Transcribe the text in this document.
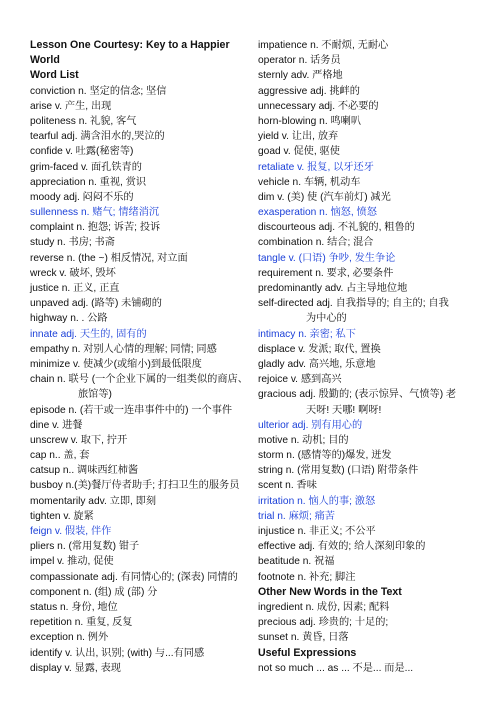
Lesson One Courtesy: Key to a Happier
World
Word List
conviction n. 坚定的信念; 坚信
arise v. 产生, 出现
politeness n. 礼貌, 客气
tearful adj. 满含泪水的,哭泣的
confide v. 吐露(秘密等)
grim-faced v. 面孔铁青的
appreciation n. 重视, 赏识
moody adj. 闷闷不乐的
sullenness n. 赌气; 情绪消沉
complaint n. 抱怨; 诉苦; 投诉
study n. 书房; 书斋
reverse n. (the ~) 相反情况, 对立面
wreck v. 破坏, 毁坏
justice n. 正义, 正直
unpaved adj. (路等) 未铺砌的
highway n. . 公路
innate adj. 天生的, 固有的
empathy n. 对别人心情的理解; 同情; 同感
minimize v. 使减少(或缩小)到最低限度
chain n. 联号 (一个企业下属的一组类似的商店、
旅馆等)
episode n. (若干或一连串事件中的) 一个事件
dine v. 进餐
unscrew v. 取下, 拧开
cap n.. 盖, 套
catsup n.. 调味西红柿酱
busboy n.(美)餐厅侍者助手; 打扫卫生的服务员
momentarily adv. 立即, 即刻
tighten v. 旋紧
feign v. 假装, 伴作
pliers n. (常用复数) 钳子
impel v. 推动, 促使
compassionate adj. 有同情心的; (深表) 同情的
component n. (组) 成 (部) 分
status n. 身份, 地位
repetition n. 重复, 反复
exception n. 例外
identify v. 认出, 识别; (with) 与...有同感
display v. 显露, 表现
impatience n. 不耐烦, 无耐心
operator n. 话务员
sternly adv. 严格地
aggressive adj. 挑衅的
unnecessary adj. 不必要的
horn-blowing n. 鸣喇叭
yield v. 让出, 放弃
goad v. 促使, 驱使
retaliate v. 报复, 以牙还牙
vehicle n. 车辆, 机动车
dim v. (美) 使 (汽车前灯) 减光
exasperation n. 恼怒, 愤怒
discourteous adj. 不礼貌的, 粗鲁的
combination n. 结合; 混合
tangle v. (口语) 争吵, 发生争论
requirement n. 要求, 必要条件
predominantly adv. 占主导地位地
self-directed adj. 自我指导的; 自主的; 自我
为中心的
intimacy n. 亲密; 私下
displace v. 发派; 取代, 置换
gladly adv. 高兴地, 乐意地
rejoice v. 感到高兴
gracious adj. 殷勤的; (表示惊异、气愤等) 老
天呀! 天哪! 啊呀!
ulterior adj. 别有用心的
motive n. 动机; 目的
storm n. (感情等的)爆发, 迸发
string n. (常用复数) (口语) 附带条件
scent n. 香味
irritation n. 恼人的事; 激怒
trial n. 麻烦; 痛苦
injustice n. 非正义; 不公平
effective adj. 有效的; 给人深刻印象的
beatitude n. 祝福
footnote n. 补充; 脚注
Other New Words in the Text
ingredient n. 成份, 因素; 配料
precious adj. 珍贵的; 十足的;
sunset n. 黄昏, 日落
Useful Expressions
not so much ... as ... 不是... 而是...
